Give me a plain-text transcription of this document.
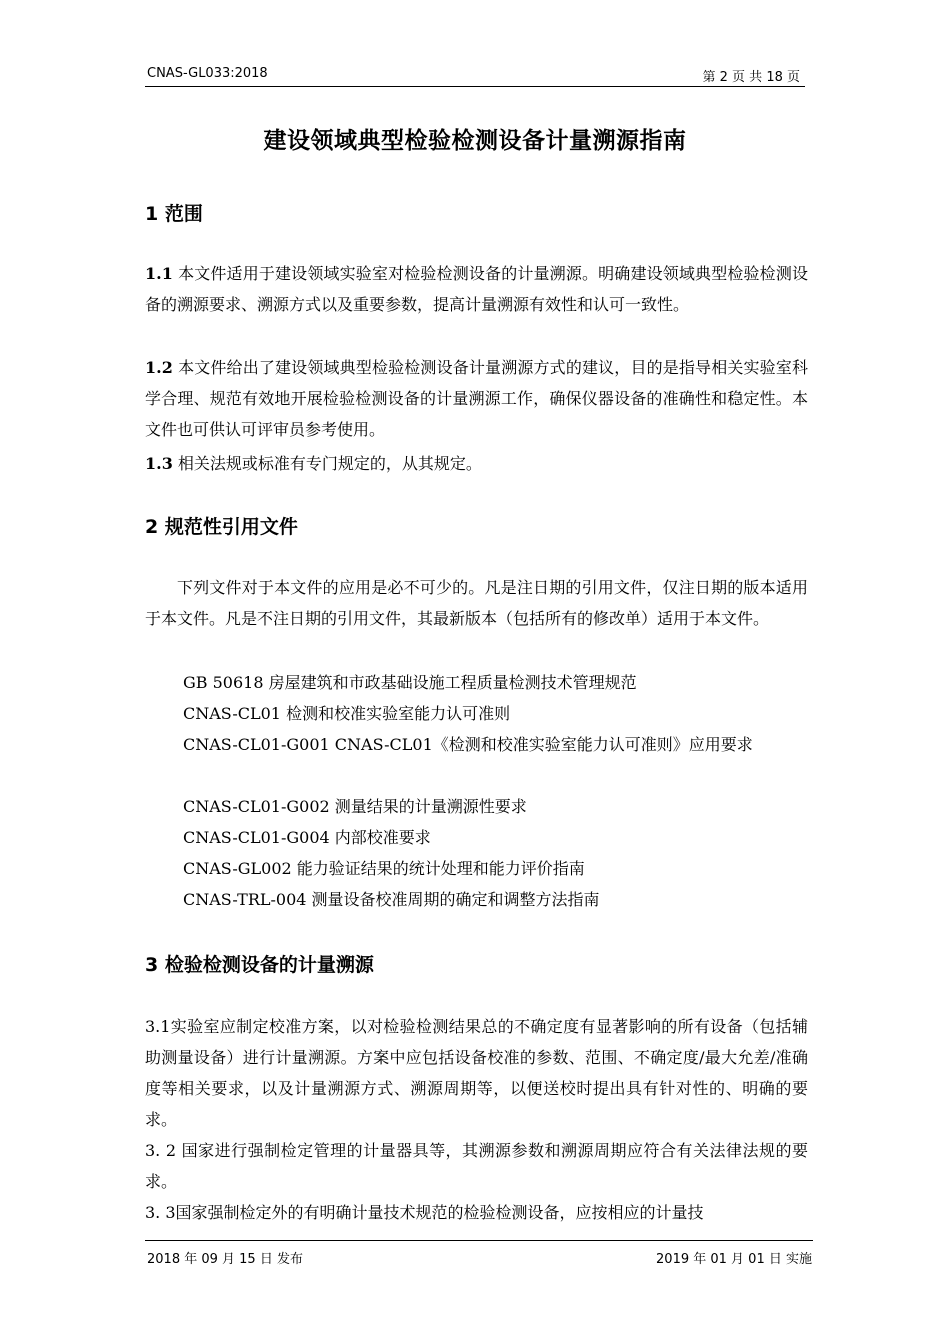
CNAS-GL033:2018	第 2 页 共 18 页
建设领域典型检验检测设备计量溯源指南
1 范围
1.1 本文件适用于建设领域实验室对检验检测设备的计量溯源。明确建设领域典型检验检测设备的溯源要求、溯源方式以及重要参数，提高计量溯源有效性和认可一致性。
1.2 本文件给出了建设领域典型检验检测设备计量溯源方式的建议，目的是指导相关实验室科学合理、规范有效地开展检验检测设备的计量溯源工作，确保仪器设备的准确性和稳定性。本文件也可供认可评审员参考使用。
1.3 相关法规或标准有专门规定的，从其规定。
2 规范性引用文件
下列文件对于本文件的应用是必不可少的。凡是注日期的引用文件，仅注日期的版本适用于本文件。凡是不注日期的引用文件，其最新版本（包括所有的修改单）适用于本文件。
GB 50618 房屋建筑和市政基础设施工程质量检测技术管理规范
CNAS-CL01 检测和校准实验室能力认可准则
CNAS-CL01-G001 CNAS-CL01《检测和校准实验室能力认可准则》应用要求
CNAS-CL01-G002 测量结果的计量溯源性要求
CNAS-CL01-G004 内部校准要求
CNAS-GL002 能力验证结果的统计处理和能力评价指南
CNAS-TRL-004 测量设备校准周期的确定和调整方法指南
3 检验检测设备的计量溯源
3.1实验室应制定校准方案，以对检验检测结果总的不确定度有显著影响的所有设备（包括辅助测量设备）进行计量溯源。方案中应包括设备校准的参数、范围、不确定度/最大允差/准确度等相关要求，以及计量溯源方式、溯源周期等，以便送校时提出具有针对性的、明确的要求。
3. 2 国家进行强制检定管理的计量器具等，其溯源参数和溯源周期应符合有关法律法规的要求。
3. 3国家强制检定外的有明确计量技术规范的检验检测设备，应按相应的计量技
2018 年 09 月 15 日 发布	2019 年 01 月 01 日 实施
